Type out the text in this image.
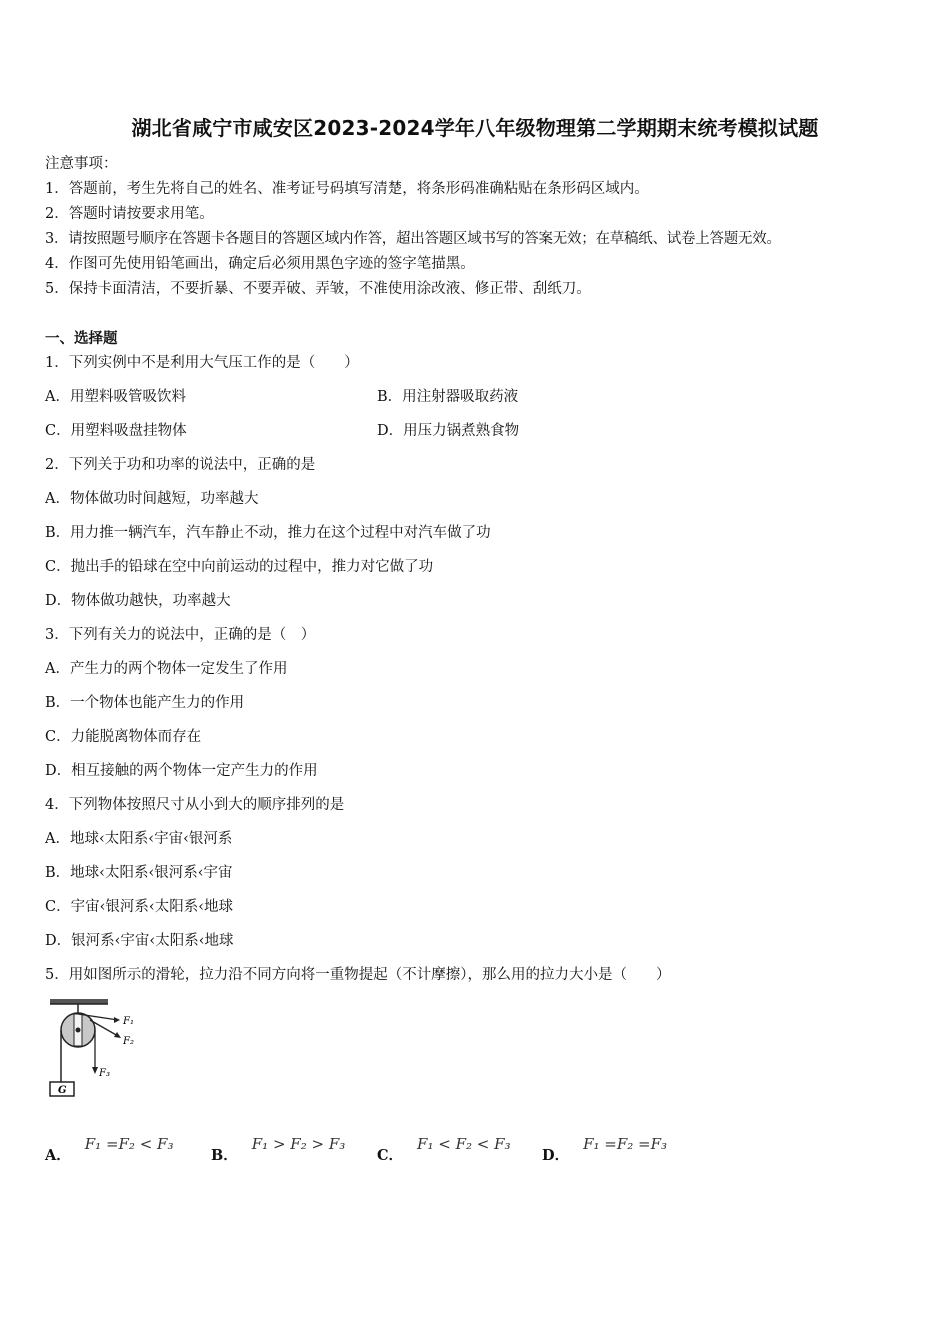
湖北省咸宁市咸安区2023-2024学年八年级物理第二学期期末统考模拟试题
注意事项：
1．答题前，考生先将自己的姓名、准考证号码填写清楚，将条形码准确粘贴在条形码区域内。
2．答题时请按要求用笔。
3．请按照题号顺序在答题卡各题目的答题区域内作答，超出答题区域书写的答案无效；在草稿纸、试卷上答题无效。
4．作图可先使用铅笔画出，确定后必须用黑色字迹的签字笔描黑。
5．保持卡面清洁，不要折暴、不要弄破、弄皱，不准使用涂改液、修正带、刮纸刀。
一、选择题
1．下列实例中不是利用大气压工作的是（　　）
A．用塑料吸管吸饮料	B．用注射器吸取药液
C．用塑料吸盘挂物体	D．用压力锅煮熟食物
2．下列关于功和功率的说法中，正确的是
A．物体做功时间越短，功率越大
B．用力推一辆汽车，汽车静止不动，推力在这个过程中对汽车做了功
C．抛出手的铅球在空中向前运动的过程中，推力对它做了功
D．物体做功越快，功率越大
3．下列有关力的说法中，正确的是（　）
A．产生力的两个物体一定发生了作用
B．一个物体也能产生力的作用
C．力能脱离物体而存在
D．相互接触的两个物体一定产生力的作用
4．下列物体按照尺寸从小到大的顺序排列的是
A．地球‹太阳系‹宇宙‹银河系
B．地球‹太阳系‹银河系‹宇宙
C．宇宙‹银河系‹太阳系‹地球
D．银河系‹宇宙‹太阳系‹地球
5．用如图所示的滑轮，拉力沿不同方向将一重物提起（不计摩擦），那么用的拉力大小是（　　）
F₁
F₂
F₃
G
A．F₁ =F₂ < F₃
B．F₁ > F₂ > F₃
C．F₁ < F₂ < F₃
D．F₁ =F₂ =F₃
